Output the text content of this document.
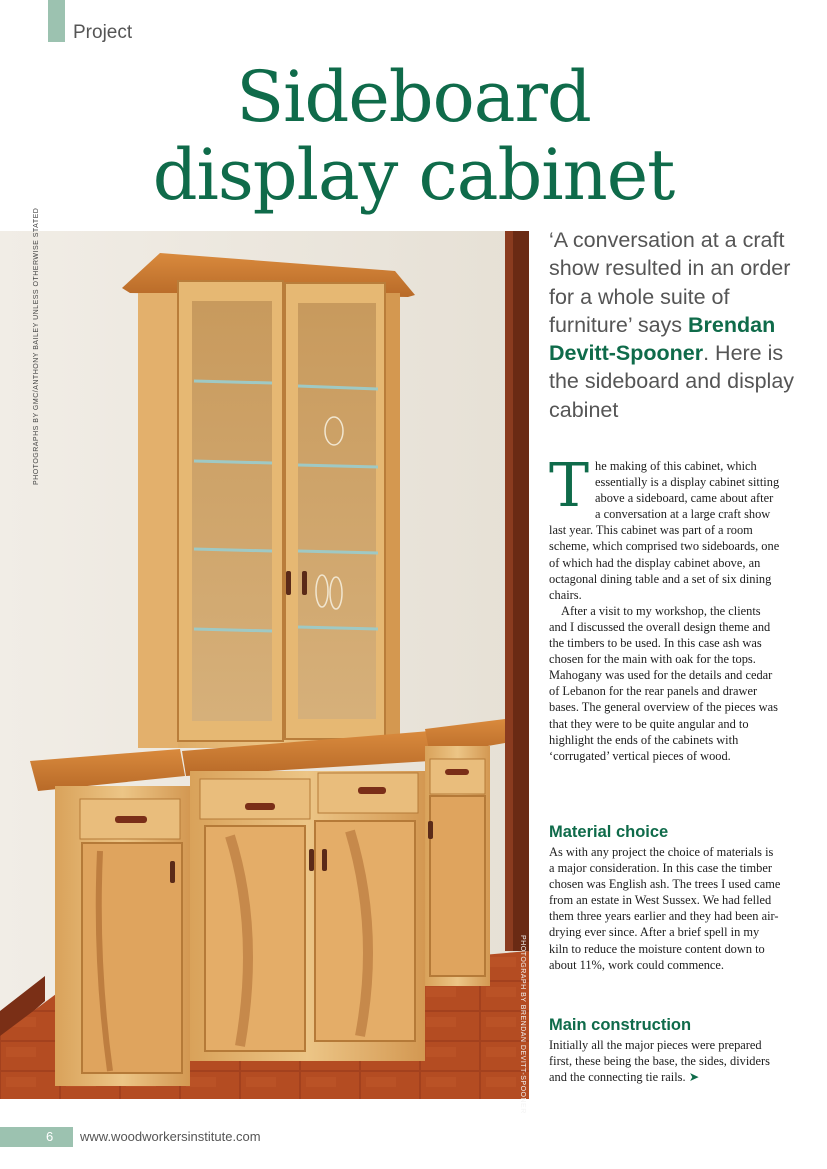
Project
Sideboard
display cabinet
PHOTOGRAPHS BY GMC/ANTHONY BAILEY UNLESS OTHERWISE STATED
PHOTOGRAPH BY BRENDAN DEVITT-SPOONER
‘A conversation at a craft show resulted in an order for a whole suite of furniture’ says Brendan Devitt-Spooner. Here is the sideboard and display cabinet

The making of this cabinet, which essentially is a display cabinet sitting above a sideboard, came about after a conversation at a large craft show last year. This cabinet was part of a room scheme, which comprised two sideboards, one of which had the display cabinet above, an octagonal dining table and a set of six dining chairs.

After a visit to my workshop, the clients and I discussed the overall design theme and the timbers to be used. In this case ash was chosen for the main with oak for the tops. Mahogany was used for the details and cedar of Lebanon for the rear panels and drawer bases. The general overview of the pieces was that they were to be quite angular and to highlight the ends of the cabinets with ‘corrugated’ vertical pieces of wood.

Material choice

As with any project the choice of materials is a major consideration. In this case the timber chosen was English ash. The trees I used came from an estate in West Sussex. We had felled them three years earlier and they had been air-drying ever since. After a brief spell in my kiln to reduce the moisture content down to about 11%, work could commence.

Main construction

Initially all the major pieces were prepared first, these being the base, the sides, dividers and the connecting tie rails. ➤

6 www.woodworkersinstitute.com
